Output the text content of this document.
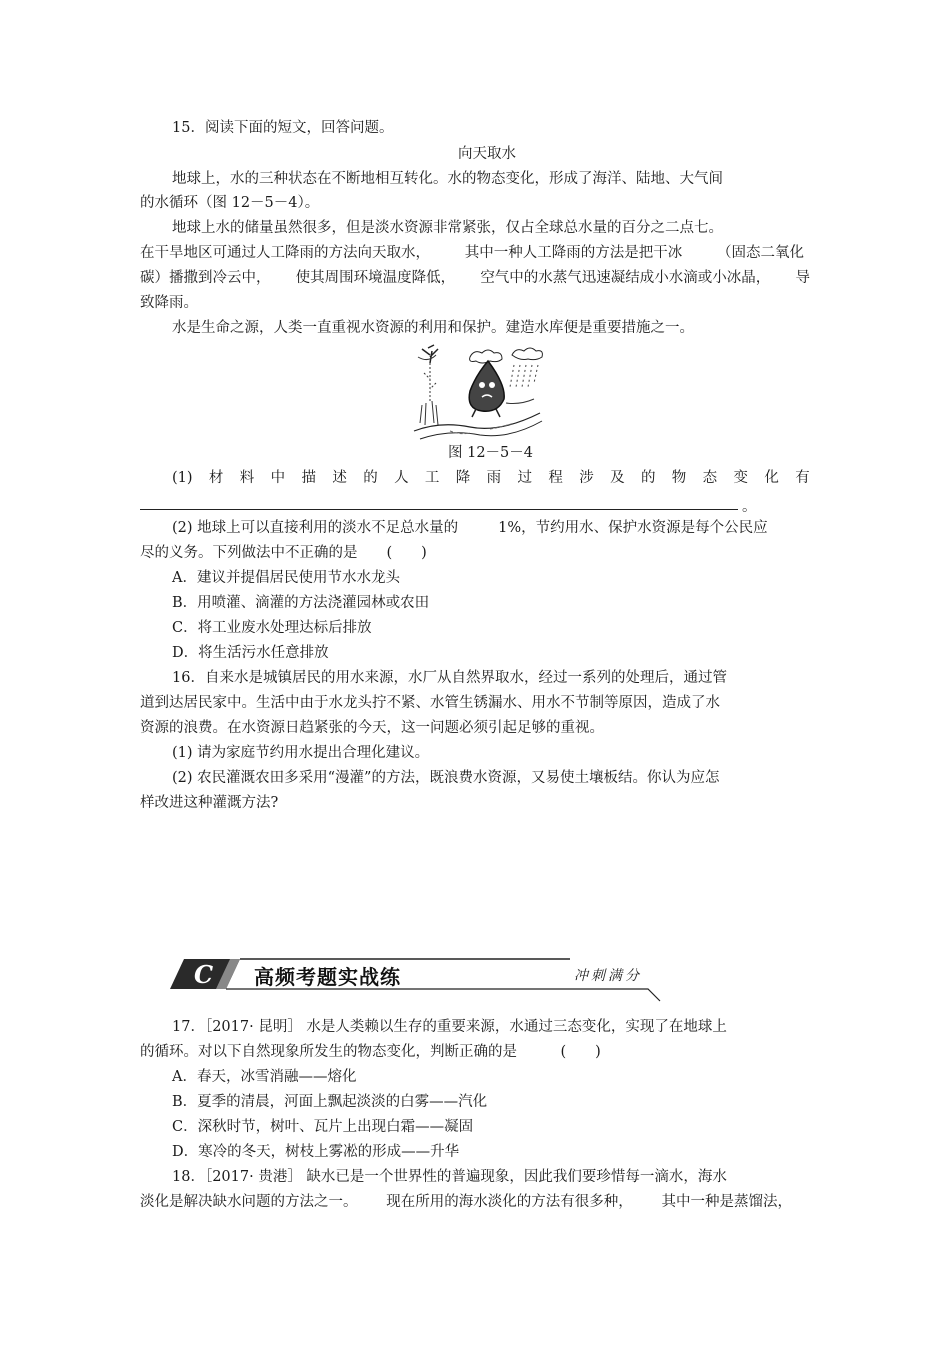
15．阅读下面的短文，回答问题。
向天取水
地球上，水的三种状态在不断地相互转化。水的物态变化，形成了海洋、陆地、大气间
的水循环（图 12－5－4）。
地球上水的储量虽然很多，但是淡水资源非常紧张，仅占全球总水量的百分之二点七。
在干旱地区可通过人工降雨的方法向天取水， 其中一种人工降雨的方法是把干冰 （固态二氧化
碳）播撒到冷云中， 使其周围环境温度降低， 空气中的水蒸气迅速凝结成小水滴或小冰晶， 导
致降雨。
水是生命之源，人类一直重视水资源的利用和保护。建造水库便是重要措施之一。
图 12－5－4
(1) 材 料 中 描 述 的 人 工 降 雨 过 程 涉 及 的 物 态 变 化 有
。
(2) 地球上可以直接利用的淡水不足总水量的	1%，节约用水、保护水资源是每个公民应
尽的义务。下列做法中不正确的是　　(　　)
A．建议并提倡居民使用节水水龙头
B．用喷灌、滴灌的方法浇灌园林或农田
C．将工业废水处理达标后排放
D．将生活污水任意排放
16．自来水是城镇居民的用水来源，水厂从自然界取水，经过一系列的处理后，通过管
道到达居民家中。生活中由于水龙头拧不紧、水管生锈漏水、用水不节制等原因，造成了水
资源的浪费。在水资源日趋紧张的今天，这一问题必须引起足够的重视。
(1) 请为家庭节约用水提出合理化建议。
(2) 农民灌溉农田多采用“漫灌”的方法，既浪费水资源，又易使土壤板结。你认为应怎
样改进这种灌溉方法?
C 高频考题实战练	冲刺满分
17．［2017· 昆明］ 水是人类赖以生存的重要来源，水通过三态变化，实现了在地球上
的循环。对以下自然现象所发生的物态变化，判断正确的是　　　(　　)
A．春天，冰雪消融——熔化
B．夏季的清晨，河面上飘起淡淡的白雾——汽化
C．深秋时节，树叶、瓦片上出现白霜——凝固
D．寒冷的冬天，树枝上雾凇的形成——升华
18．［2017· 贵港］ 缺水已是一个世界性的普遍现象，因此我们要珍惜每一滴水，海水
淡化是解决缺水问题的方法之一。 现在所用的海水淡化的方法有很多种， 其中一种是蒸馏法，
